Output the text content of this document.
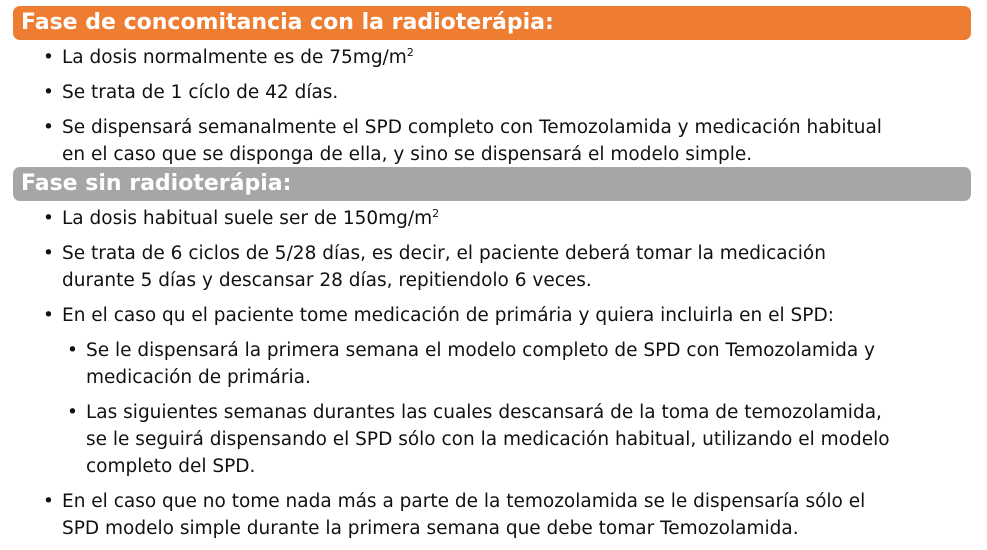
Fase de concomitancia con la radioterápia:
• La dosis normalmente es de $75mg/m^2$
• Se trata de 1 cíclo de 42 días.
• Se dispensará semanalmente el SPD completo con Temozolamida y medicación habitual
en el caso que se disponga de ella, y sino se dispensará el modelo simple.
Fase sin radioterápia:
• La dosis habitual suele ser de $150mg/m^2$
• Se trata de 6 ciclos de 5/28 días, es decir, el paciente deberá tomar la medicación
durante 5 días y descansar 28 días, repitiendolo 6 veces.
• En el caso qu el paciente tome medicación de primária y quiera incluirla en el SPD:
• Se le dispensará la primera semana el modelo completo de SPD con Temozolamida y
medicación de primária.
• Las siguientes semanas durantes las cuales descansará de la toma de temozolamida,
se le seguirá dispensando el SPD sólo con la medicación habitual, utilizando el modelo
completo del SPD.
• En el caso que no tome nada más a parte de la temozolamida se le dispensaría sólo el
SPD modelo simple durante la primera semana que debe tomar Temozolamida.
